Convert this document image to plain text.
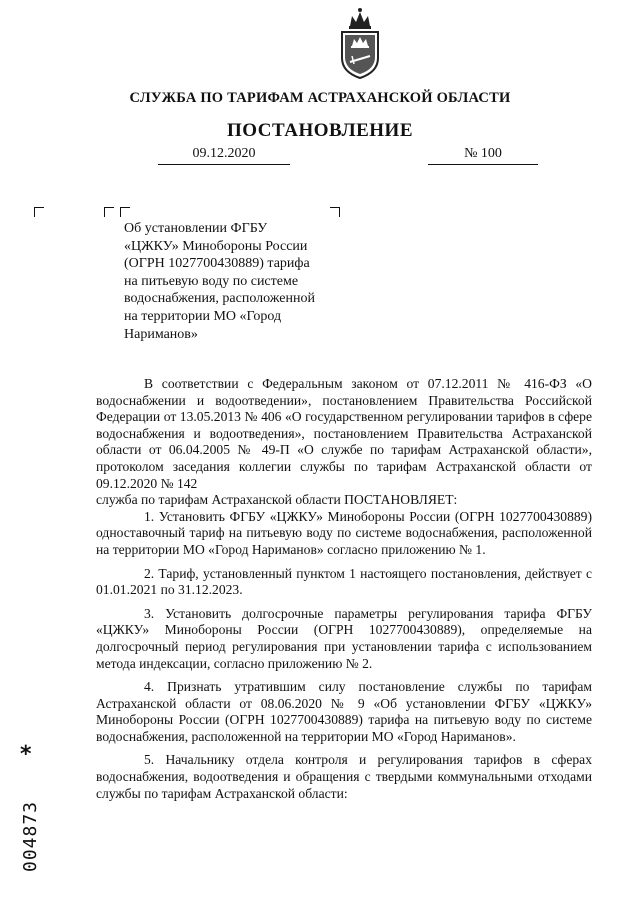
СЛУЖБА ПО ТАРИФАМ АСТРАХАНСКОЙ ОБЛАСТИ
ПОСТАНОВЛЕНИЕ
09.12.2020	№ 100
Об установлении ФГБУ
«ЦЖКУ» Минобороны России
(ОГРН 1027700430889) тарифа
на питьевую воду по системе
водоснабжения, расположенной
на территории МО «Город
Нариманов»

В соответствии с Федеральным законом от 07.12.2011 № 416-ФЗ «О водоснабжении и водоотведении», постановлением Правительства Российской Федерации от 13.05.2013 № 406 «О государственном регулировании тарифов в сфере водоснабжения и водоотведения», постановлением Правительства Астраханской области от 06.04.2005 № 49-П «О службе по тарифам Астраханской области», протоколом заседания коллегии службы по тарифам Астраханской области от 09.12.2020 № 142

служба по тарифам Астраханской области ПОСТАНОВЛЯЕТ:

1. Установить ФГБУ «ЦЖКУ» Минобороны России (ОГРН 1027700430889) одноставочный тариф на питьевую воду по системе водоснабжения, расположенной на территории МО «Город Нариманов» согласно приложению № 1.

2. Тариф, установленный пунктом 1 настоящего постановления, действует с 01.01.2021 по 31.12.2023.

3. Установить долгосрочные параметры регулирования тарифа ФГБУ «ЦЖКУ» Минобороны России (ОГРН 1027700430889), определяемые на долгосрочный период регулирования при установлении тарифа с использованием метода индексации, согласно приложению № 2.

4. Признать утратившим силу постановление службы по тарифам Астраханской области от 08.06.2020 № 9 «Об установлении ФГБУ «ЦЖКУ» Минобороны России (ОГРН 1027700430889) тарифа на питьевую воду по системе водоснабжения, расположенной на территории МО «Город Нариманов».

5. Начальнику отдела контроля и регулирования тарифов в сферах водоснабжения, водоотведения и обращения с твердыми коммунальными отходами службы по тарифам Астраханской области:

*
004873
